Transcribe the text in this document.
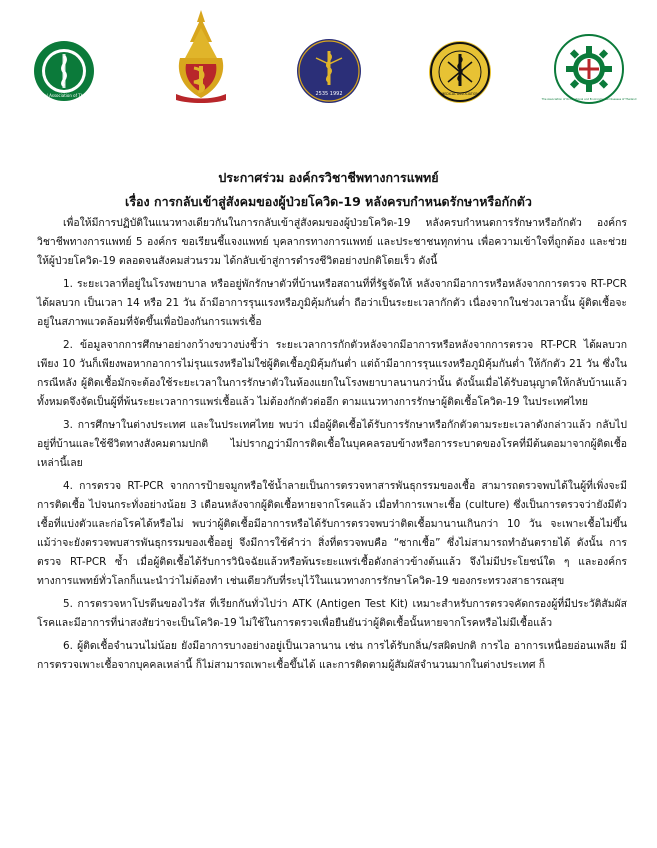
Medical Association of Thailand	2535 1992	MEDICAL ASSOCIATION
The Association of Occupational and Environmental Diseases of Thailand
ประกาศร่วม องค์กรวิชาชีพทางการแพทย์
เรื่อง การกลับเข้าสู่สังคมของผู้ป่วยโควิด-19 หลังครบกำหนดรักษาหรือกักตัว

เพื่อให้มีการปฏิบัติในแนวทางเดียวกันในการกลับเข้าสู่สังคมของผู้ป่วยโควิด-19 หลังครบกำหนดการรักษาหรือกักตัว องค์กรวิชาชีพทางการแพทย์ 5 องค์กร ขอเรียนชี้แจงแพทย์ บุคลากรทางการแพทย์ และประชาชนทุกท่าน เพื่อความเข้าใจที่ถูกต้อง และช่วยให้ผู้ป่วยโควิด-19 ตลอดจนสังคมส่วนรวม ได้กลับเข้าสู่การดำรงชีวิตอย่างปกติโดยเร็ว ดังนี้

1. ระยะเวลาที่อยู่ในโรงพยาบาล หรืออยู่พักรักษาตัวที่บ้านหรือสถานที่ที่รัฐจัดให้ หลังจากมีอาการหรือหลังจากการตรวจ RT-PCR ได้ผลบวก เป็นเวลา 14 หรือ 21 วัน ถ้ามีอาการรุนแรงหรือภูมิคุ้มกันต่ำ ถือว่าเป็นระยะเวลากักตัว เนื่องจากในช่วงเวลานั้น ผู้ติดเชื้อจะอยู่ในสภาพแวดล้อมที่จัดขึ้นเพื่อป้องกันการแพร่เชื้อ

2. ข้อมูลจากการศึกษาอย่างกว้างขวางบ่งชี้ว่า ระยะเวลาการกักตัวหลังจากมีอาการหรือหลังจากการตรวจ RT-PCR ได้ผลบวกเพียง 10 วันก็เพียงพอหากอาการไม่รุนแรงหรือไม่ใช่ผู้ติดเชื้อภูมิคุ้มกันต่ำ แต่ถ้ามีอาการรุนแรงหรือภูมิคุ้มกันต่ำ ให้กักตัว 21 วัน ซึ่งในกรณีหลัง ผู้ติดเชื้อมักจะต้องใช้ระยะเวลาในการรักษาตัวในห้องแยกในโรงพยาบาลนานกว่านั้น ดังนั้นเมื่อได้รับอนุญาตให้กลับบ้านแล้ว ทั้งหมดจึงจัดเป็นผู้ที่พ้นระยะเวลาการแพร่เชื้อแล้ว ไม่ต้องกักตัวต่ออีก ตามแนวทางการรักษาผู้ติดเชื้อโควิด-19 ในประเทศไทย

3. การศึกษาในต่างประเทศ และในประเทศไทย พบว่า เมื่อผู้ติดเชื้อได้รับการรักษาหรือกักตัวตามระยะเวลาดังกล่าวแล้ว กลับไปอยู่ที่บ้านและใช้ชีวิตทางสังคมตามปกติ ไม่ปรากฏว่ามีการติดเชื้อในบุคคลรอบข้างหรือการระบาดของโรคที่มีต้นตอมาจากผู้ติดเชื้อเหล่านี้เลย

4. การตรวจ RT-PCR จากการป้ายจมูกหรือใช้น้ำลายเป็นการตรวจหาสารพันธุกรรมของเชื้อ สามารถตรวจพบได้ในผู้ที่เพิ่งจะมีการติดเชื้อ ไปจนกระทั่งอย่างน้อย 3 เดือนหลังจากผู้ติดเชื้อหายจากโรคแล้ว เมื่อทำการเพาะเชื้อ (culture) ซึ่งเป็นการตรวจว่ายังมีตัวเชื้อที่แบ่งตัวและก่อโรคได้หรือไม่ พบว่าผู้ติดเชื้อมีอาการหรือได้รับการตรวจพบว่าติดเชื้อมานานเกินกว่า 10 วัน จะเพาะเชื้อไม่ขึ้น แม้ว่าจะยังตรวจพบสารพันธุกรรมของเชื้ออยู่ จึงมีการใช้คำว่า สิ่งที่ตรวจพบคือ “ซากเชื้อ” ซึ่งไม่สามารถทำอันตรายได้ ดังนั้น การตรวจ RT-PCR ซ้ำ เมื่อผู้ติดเชื้อได้รับการวินิจฉัยแล้วหรือพ้นระยะแพร่เชื้อดังกล่าวข้างต้นแล้ว จึงไม่มีประโยชน์ใด ๆ และองค์กรทางการแพทย์ทั่วโลกก็แนะนำว่าไม่ต้องทำ เช่นเดียวกับที่ระบุไว้ในแนวทางการรักษาโควิด-19 ของกระทรวงสาธารณสุข

5. การตรวจหาโปรตีนของไวรัส ที่เรียกกันทั่วไปว่า ATK (Antigen Test Kit) เหมาะสำหรับการตรวจคัดกรองผู้ที่มีประวัติสัมผัสโรคและมีอาการที่น่าสงสัยว่าจะเป็นโควิด-19 ไม่ใช้ในการตรวจเพื่อยืนยันว่าผู้ติดเชื้อนั้นหายจากโรคหรือไม่มีเชื้อแล้ว

6. ผู้ติดเชื้อจำนวนไม่น้อย ยังมีอาการบางอย่างอยู่เป็นเวลานาน เช่น การได้รับกลิ่น/รสผิดปกติ การไอ อาการเหนื่อยอ่อนเพลีย มีการตรวจเพาะเชื้อจากบุคคลเหล่านี้ ก็ไม่สามารถเพาะเชื้อขึ้นได้ และการติดตามผู้สัมผัสจำนวนมากในต่างประเทศ ก็
